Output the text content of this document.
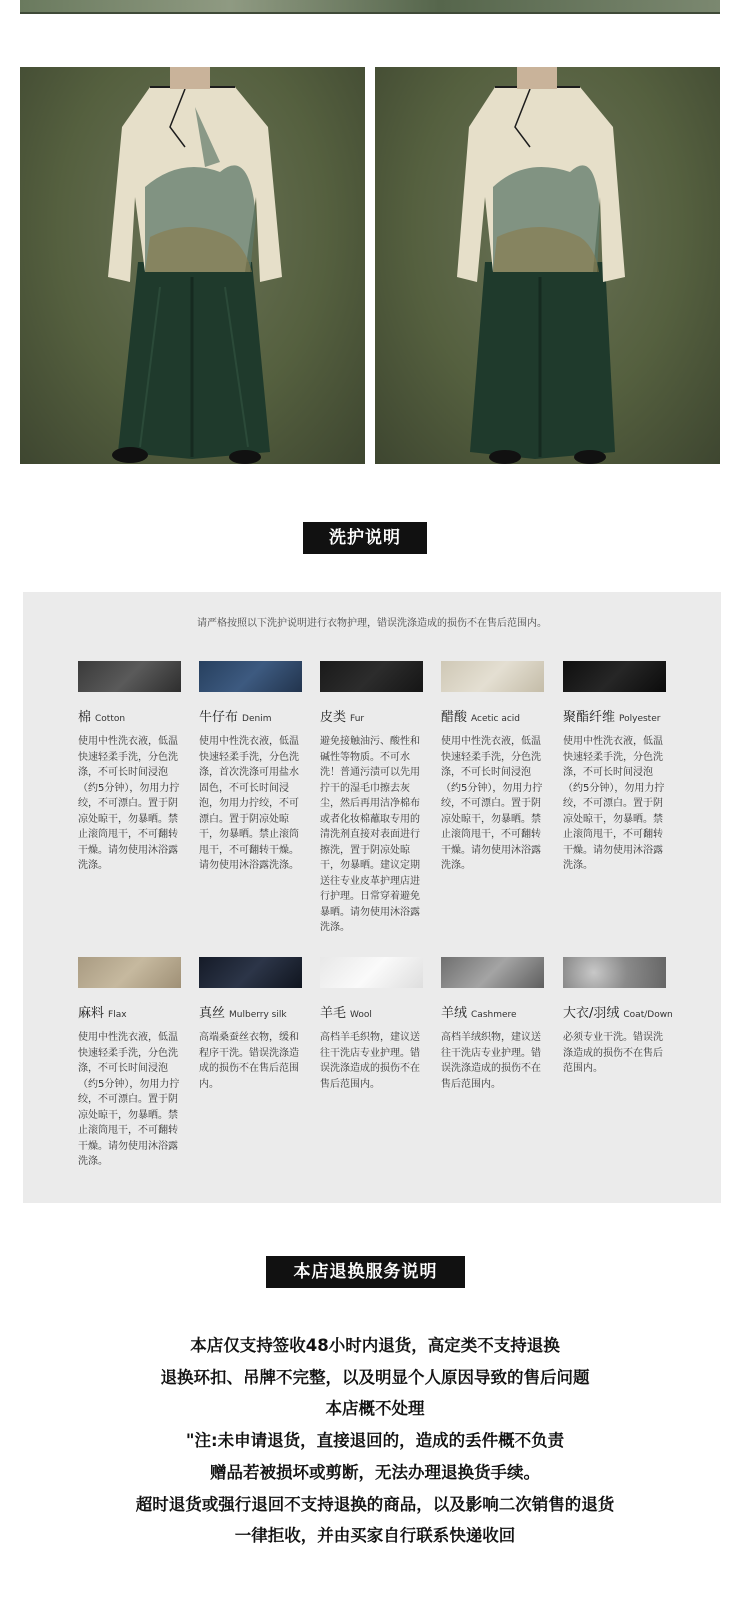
洗护说明
请严格按照以下洗护说明进行衣物护理，错误洗涤造成的损伤不在售后范围内。
棉 Cotton
使用中性洗衣液，低温快速轻柔手洗，分色洗涤，不可长时间浸泡（约5分钟），勿用力拧绞，不可漂白。置于阴凉处晾干，勿暴晒。禁止滚筒甩干，不可翻转干燥。请勿使用沐浴露洗涤。
牛仔布 Denim
使用中性洗衣液，低温快速轻柔手洗，分色洗涤，首次洗涤可用盐水固色，不可长时间浸泡，勿用力拧绞，不可漂白。置于阴凉处晾干，勿暴晒。禁止滚筒甩干，不可翻转干燥。请勿使用沐浴露洗涤。
皮类 Fur
避免接触油污、酸性和碱性等物质。不可水洗！普通污渍可以先用拧干的湿毛巾擦去灰尘，然后再用洁净棉布或者化妆棉蘸取专用的清洗剂直接对表面进行擦洗，置于阴凉处晾干，勿暴晒。建议定期送往专业皮革护理店进行护理。日常穿着避免暴晒。请勿使用沐浴露洗涤。
醋酸 Acetic acid
使用中性洗衣液，低温快速轻柔手洗，分色洗涤，不可长时间浸泡（约5分钟），勿用力拧绞，不可漂白。置于阴凉处晾干，勿暴晒。禁止滚筒甩干，不可翻转干燥。请勿使用沐浴露洗涤。
聚酯纤维 Polyester
使用中性洗衣液，低温快速轻柔手洗，分色洗涤，不可长时间浸泡（约5分钟），勿用力拧绞，不可漂白。置于阴凉处晾干，勿暴晒。禁止滚筒甩干，不可翻转干燥。请勿使用沐浴露洗涤。
麻料 Flax
使用中性洗衣液，低温快速轻柔手洗，分色洗涤，不可长时间浸泡（约5分钟），勿用力拧绞，不可漂白。置于阴凉处晾干，勿暴晒。禁止滚筒甩干，不可翻转干燥。请勿使用沐浴露洗涤。
真丝 Mulberry silk
高端桑蚕丝衣物，缓和程序干洗。错误洗涤造成的损伤不在售后范围内。
羊毛 Wool
高档羊毛织物，建议送往干洗店专业护理。错误洗涤造成的损伤不在售后范围内。
羊绒 Cashmere
高档羊绒织物，建议送往干洗店专业护理。错误洗涤造成的损伤不在售后范围内。
大衣/羽绒 Coat/Down
必须专业干洗。错误洗涤造成的损伤不在售后范围内。
本店退换服务说明
本店仅支持签收48小时内退货，高定类不支持退换
退换环扣、吊牌不完整，以及明显个人原因导致的售后问题
本店概不处理
"注:未申请退货，直接退回的，造成的丢件概不负责
赠品若被损坏或剪断，无法办理退换货手续。
超时退货或强行退回不支持退换的商品，以及影响二次销售的退货
一律拒收，并由买家自行联系快递收回
